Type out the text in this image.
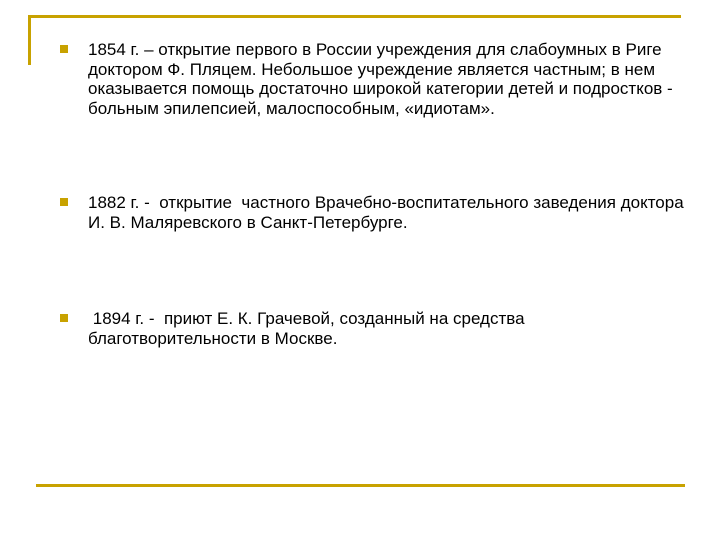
1854 г. – открытие первого в России учреждения для слабоумных в Риге доктором Ф. Пляцем. Небольшое учреждение является частным; в нем оказывается помощь достаточно широкой категории детей и подростков - больным эпилепсией, малоспособным, «идиотам».
1882 г. -  открытие  частного Врачебно-воспитательного заведения доктора И. В. Маляревского в Санкт-Петербурге.
1894 г. -  приют Е. К. Грачевой, созданный на средства благотворительности в Москве.
